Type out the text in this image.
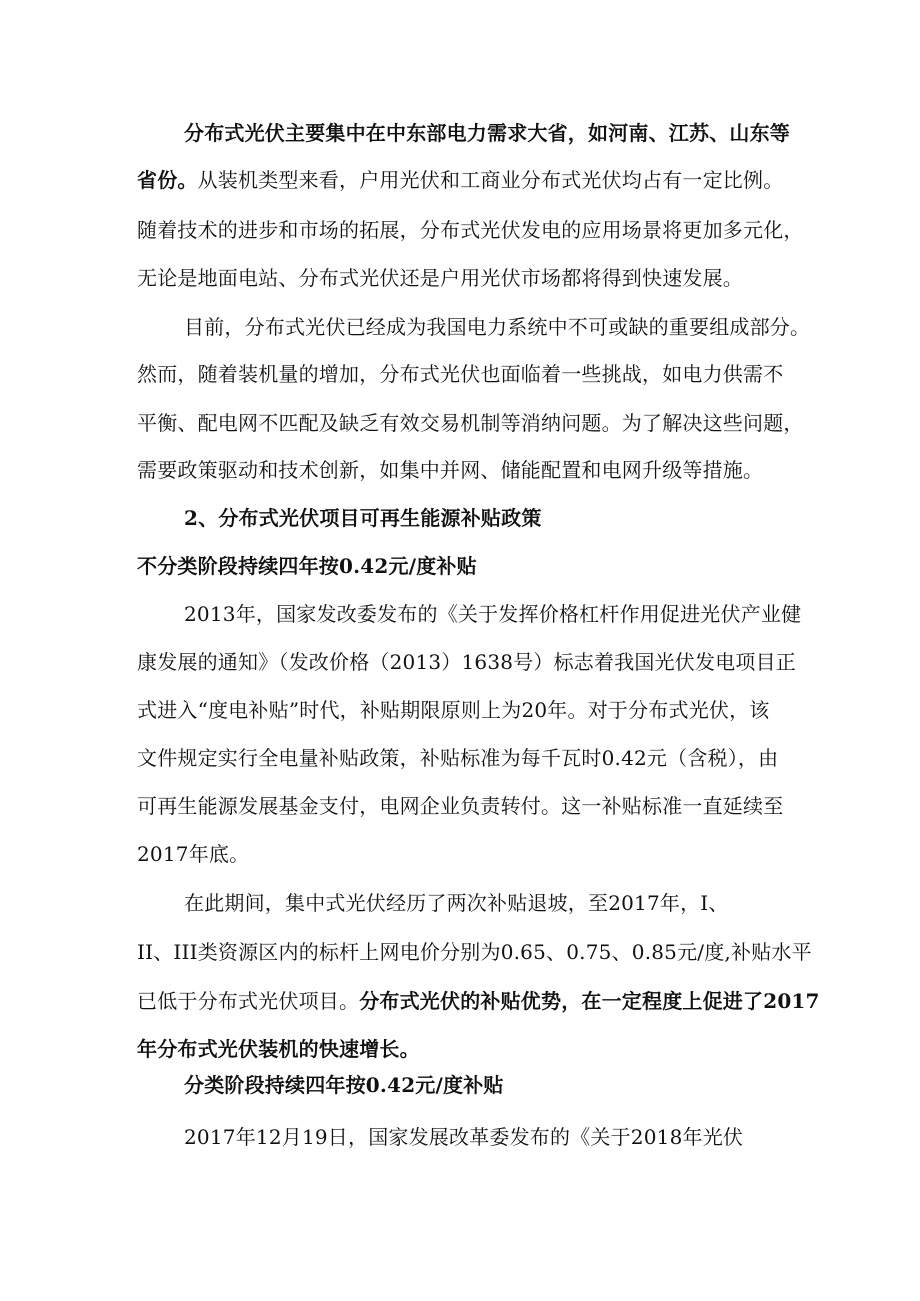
分布式光伏主要集中在中东部电力需求大省，如河南、江苏、山东等

省份。从装机类型来看，户用光伏和工商业分布式光伏均占有一定比例。

随着技术的进步和市场的拓展，分布式光伏发电的应用场景将更加多元化，

无论是地面电站、分布式光伏还是户用光伏市场都将得到快速发展。

目前，分布式光伏已经成为我国电力系统中不可或缺的重要组成部分。

然而，随着装机量的增加，分布式光伏也面临着一些挑战，如电力供需不

平衡、配电网不匹配及缺乏有效交易机制等消纳问题。为了解决这些问题，

需要政策驱动和技术创新，如集中并网、储能配置和电网升级等措施。

2、分布式光伏项目可再生能源补贴政策

不分类阶段持续四年按0.42元/度补贴

2013年，国家发改委发布的《关于发挥价格杠杆作用促进光伏产业健

康发展的通知》（发改价格（2013）1638号）标志着我国光伏发电项目正

式进入“度电补贴”时代，补贴期限原则上为20年。对于分布式光伏，该

文件规定实行全电量补贴政策，补贴标准为每千瓦时0.42元（含税），由

可再生能源发展基金支付，电网企业负责转付。这一补贴标准一直延续至

2017年底。

在此期间，集中式光伏经历了两次补贴退坡，至2017年，I、

II、III类资源区内的标杆上网电价分别为0.65、0.75、0.85元/度,补贴水平

已低于分布式光伏项目。分布式光伏的补贴优势，在一定程度上促进了2017

年分布式光伏装机的快速增长。

分类阶段持续四年按0.42元/度补贴

2017年12月19日，国家发展改革委发布的《关于2018年光伏
